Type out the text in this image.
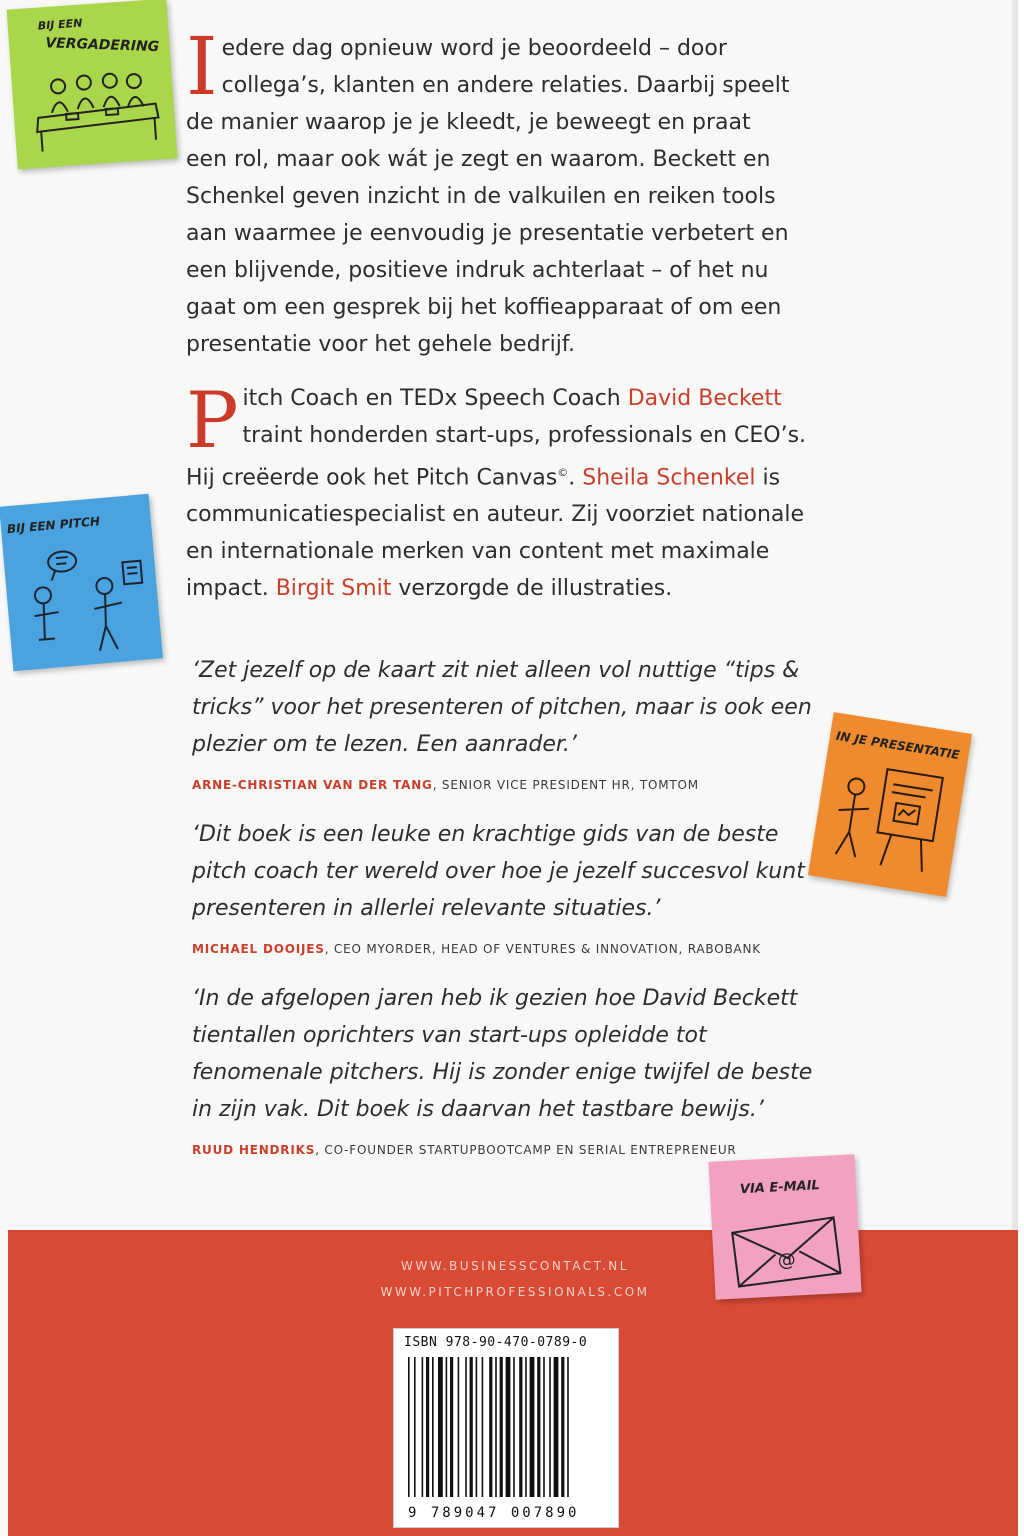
I edere dag opnieuw word je beoordeeld – door
collega’s, klanten en andere relaties. Daarbij speelt
de manier waarop je je kleedt, je beweegt en praat
een rol, maar ook wát je zegt en waarom. Beckett en
Schenkel geven inzicht in de valkuilen en reiken tools
aan waarmee je eenvoudig je presentatie verbetert en
een blijvende, positieve indruk achterlaat – of het nu
gaat om een gesprek bij het koffieapparaat of om een
presentatie voor het gehele bedrijf.
P itch Coach en TEDx Speech Coach David Beckett
traint honderden start-ups, professionals en CEO’s.
Hij creëerde ook het Pitch Canvas©. Sheila Schenkel is
communicatiespecialist en auteur. Zij voorziet nationale
en internationale merken van content met maximale
impact. Birgit Smit verzorgde de illustraties.
‘Zet jezelf op de kaart zit niet alleen vol nuttige “tips &
tricks” voor het presenteren of pitchen, maar is ook een
plezier om te lezen. Een aanrader.’
ARNE-CHRISTIAN VAN DER TANG, SENIOR VICE PRESIDENT HR, TOMTOM
‘Dit boek is een leuke en krachtige gids van de beste
pitch coach ter wereld over hoe je jezelf succesvol kunt
presenteren in allerlei relevante situaties.’
MICHAEL DOOIJES, CEO MYORDER, HEAD OF VENTURES & INNOVATION, RABOBANK
‘In de afgelopen jaren heb ik gezien hoe David Beckett
tientallen oprichters van start-ups opleidde tot
fenomenale pitchers. Hij is zonder enige twijfel de beste
in zijn vak. Dit boek is daarvan het tastbare bewijs.’
RUUD HENDRIKS, CO-FOUNDER STARTUPBOOTCAMP EN SERIAL ENTREPRENEUR
WWW.BUSINESSCONTACT.NL
WWW.PITCHPROFESSIONALS.COM
ISBN 978-90-470-0789-0
9 789047 007890
BIJ EEN
VERGADERING
BIJ EEN PITCH
IN JE PRESENTATIE
VIA E-MAIL
@
